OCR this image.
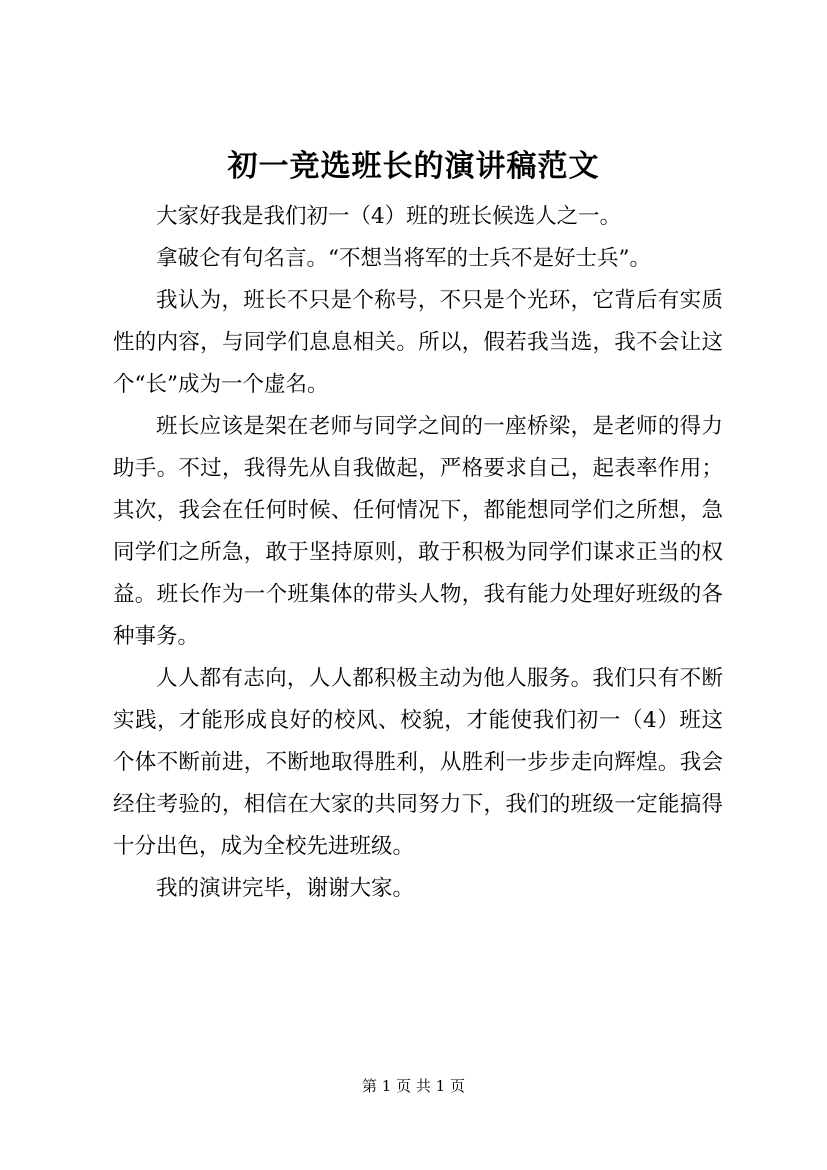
初一竞选班长的演讲稿范文

大家好我是我们初一（4）班的班长候选人之一。

拿破仑有句名言。“不想当将军的士兵不是好士兵”。

我认为，班长不只是个称号，不只是个光环，它背后有实质性的内容，与同学们息息相关。所以，假若我当选，我不会让这个“长”成为一个虚名。

班长应该是架在老师与同学之间的一座桥梁，是老师的得力助手。不过，我得先从自我做起，严格要求自己，起表率作用；其次，我会在任何时候、任何情况下，都能想同学们之所想，急同学们之所急，敢于坚持原则，敢于积极为同学们谋求正当的权益。班长作为一个班集体的带头人物，我有能力处理好班级的各种事务。

人人都有志向，人人都积极主动为他人服务。我们只有不断实践，才能形成良好的校风、校貌，才能使我们初一（4）班这个体不断前进，不断地取得胜利，从胜利一步步走向辉煌。我会经住考验的，相信在大家的共同努力下，我们的班级一定能搞得十分出色，成为全校先进班级。

我的演讲完毕，谢谢大家。

第 1 页 共 1 页
